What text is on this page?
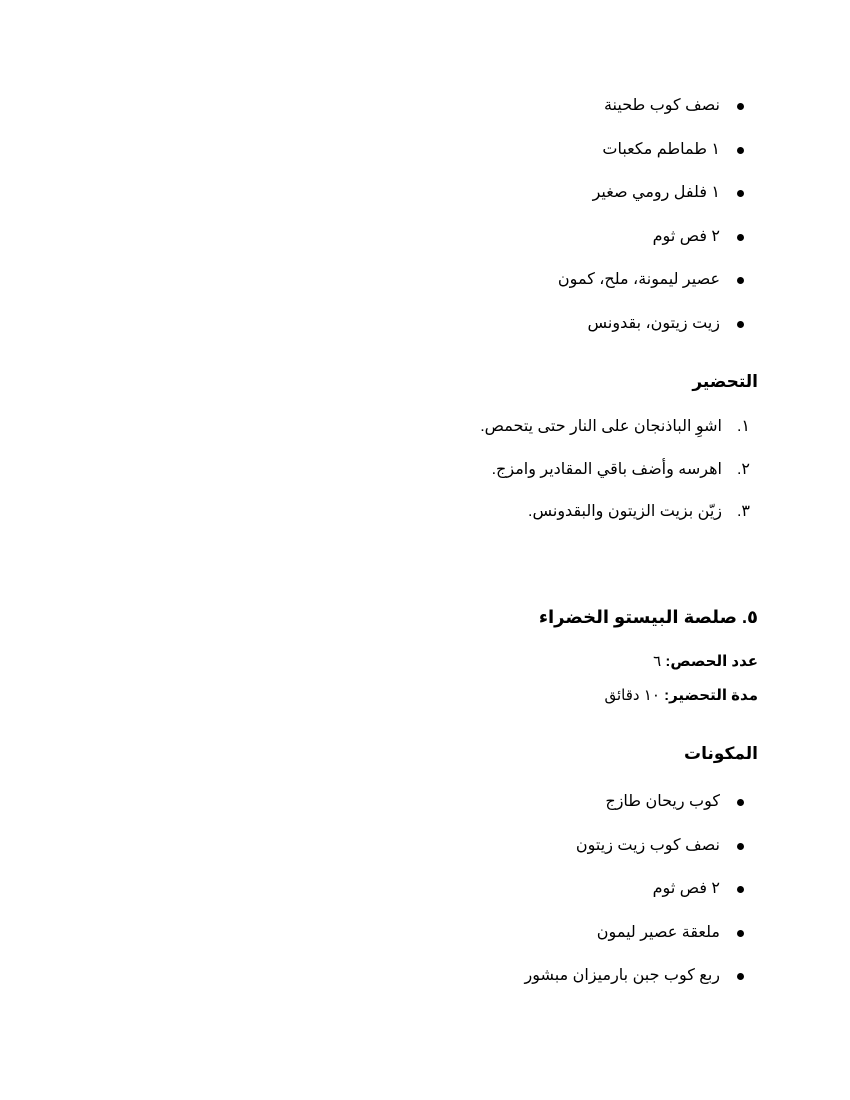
نصف كوب طحينة
١ طماطم مكعبات
١ فلفل رومي صغير
٢ فص ثوم
عصير ليمونة، ملح، كمون
زيت زيتون، بقدونس
التحضير
١.
اشوِ الباذنجان على النار حتى يتحمص.
٢.
اهرسه وأضف باقي المقادير وامزج.
٣.
زيّن بزيت الزيتون والبقدونس.
٥. صلصة البيستو الخضراء

عدد الحصص: ٦

مدة التحضير: ١٠ دقائق

المكونات
كوب ريحان طازج
نصف كوب زيت زيتون
٢ فص ثوم
ملعقة عصير ليمون
ربع كوب جبن بارميزان مبشور
